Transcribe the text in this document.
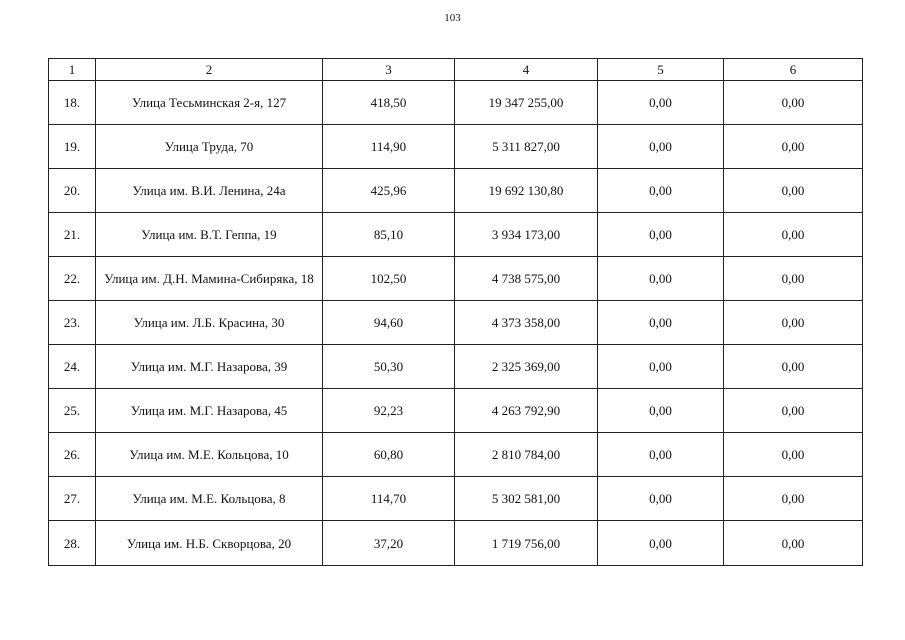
103
1	2	3	4	5	6
18.	Улица Тесьминская 2-я, 127	418,50	19 347 255,00	0,00	0,00
19.	Улица Труда, 70	114,90	5 311 827,00	0,00	0,00
20.	Улица им. В.И. Ленина, 24а	425,96	19 692 130,80	0,00	0,00
21.	Улица им. В.Т. Геппа, 19	85,10	3 934 173,00	0,00	0,00
22.	Улица им. Д.Н. Мамина-Сибиряка, 18	102,50	4 738 575,00	0,00	0,00
23.	Улица им. Л.Б. Красина, 30	94,60	4 373 358,00	0,00	0,00
24.	Улица им. М.Г. Назарова, 39	50,30	2 325 369,00	0,00	0,00
25.	Улица им. М.Г. Назарова, 45	92,23	4 263 792,90	0,00	0,00
26.	Улица им. М.Е. Кольцова, 10	60,80	2 810 784,00	0,00	0,00
27.	Улица им. М.Е. Кольцова, 8	114,70	5 302 581,00	0,00	0,00
28.	Улица им. Н.Б. Скворцова, 20	37,20	1 719 756,00	0,00	0,00
